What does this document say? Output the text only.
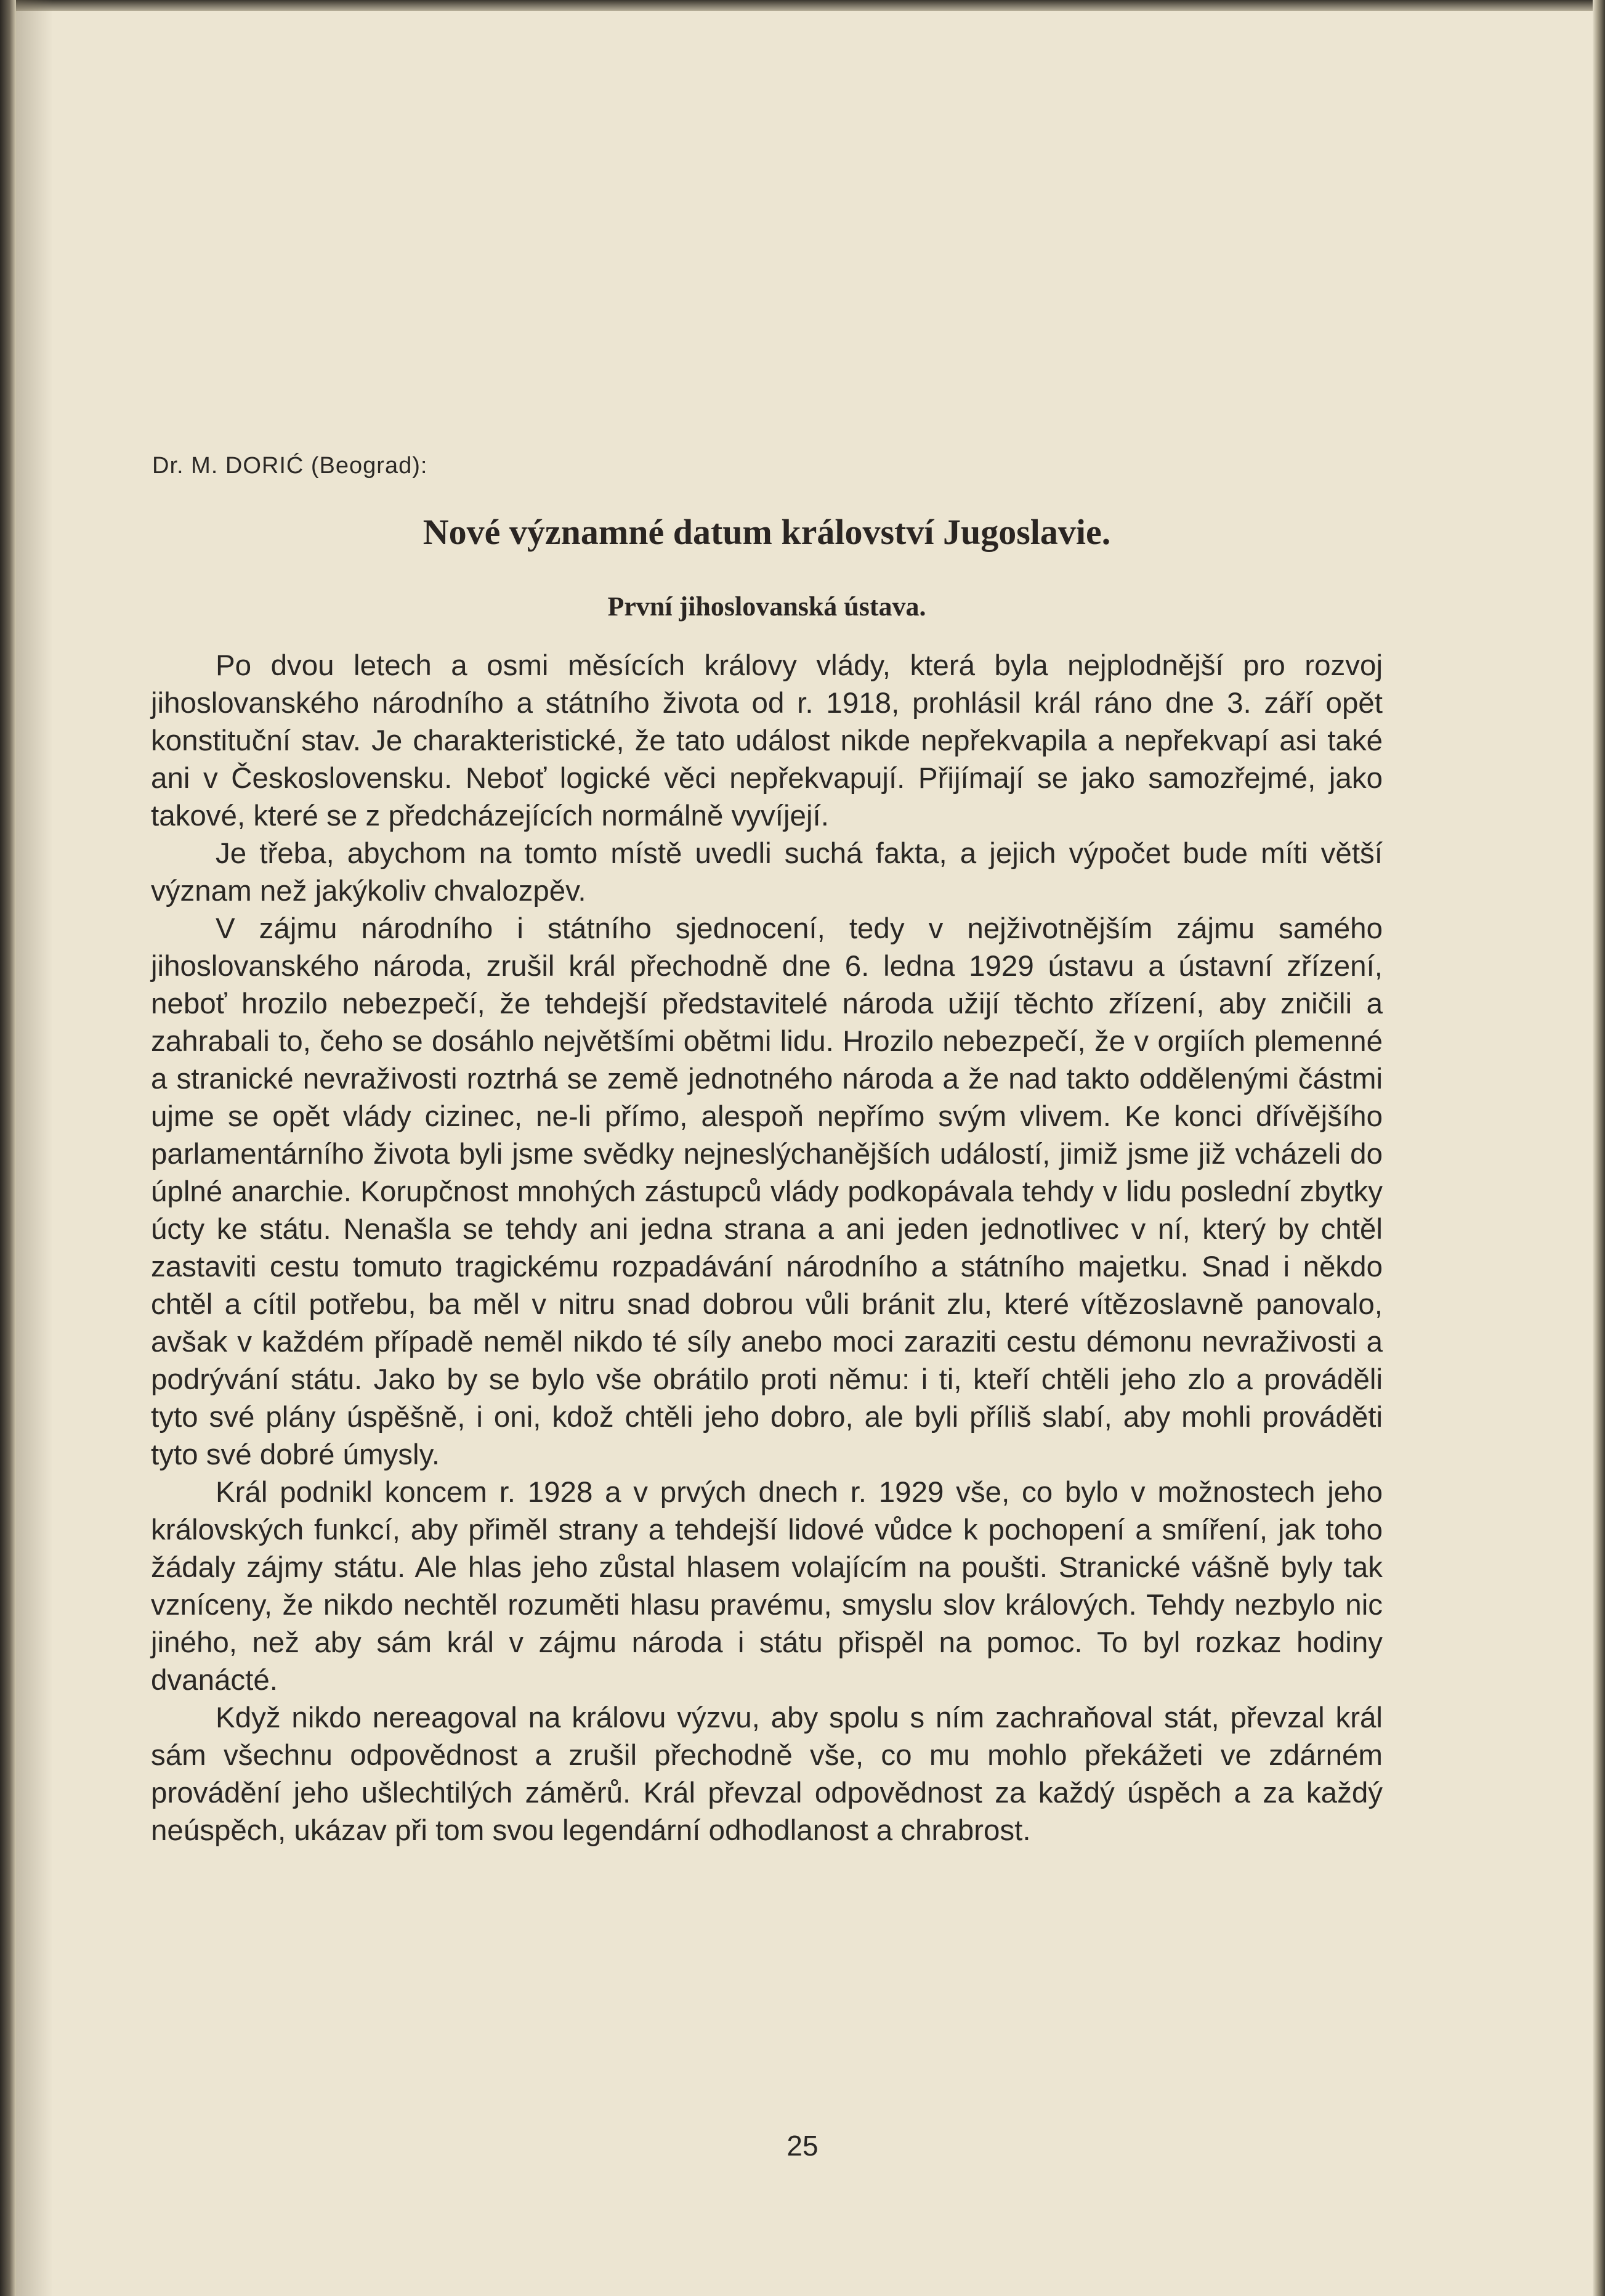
Dr. M. DORIĆ (Beograd):
Nové významné datum království Jugoslavie.
První jihoslovanská ústava.

Po dvou letech a osmi měsících královy vlády, která byla nejplodnější pro rozvoj jihoslovanského národního a státního života od r. 1918, prohlásil král ráno dne 3. září opět konstituční stav. Je charakteristické, že tato událost nikde nepřekvapila a nepřekvapí asi také ani v Československu. Neboť logické věci nepřekvapují. Přijímají se jako samozřejmé, jako takové, které se z předcházejících normálně vyvíjejí.

Je třeba, abychom na tomto místě uvedli suchá fakta, a jejich výpočet bude míti větší význam než jakýkoliv chvalozpěv.

V zájmu národního i státního sjednocení, tedy v nejživotnějším zájmu samého jihoslovanského národa, zrušil král přechodně dne 6. ledna 1929 ústavu a ústavní zřízení, neboť hrozilo nebezpečí, že tehdejší představitelé národa užijí těchto zřízení, aby zničili a zahrabali to, čeho se dosáhlo největšími obětmi lidu. Hrozilo nebezpečí, že v orgiích plemenné a stranické nevraživosti roztrhá se země jednotného národa a že nad takto oddělenými částmi ujme se opět vlády cizinec, ne-li přímo, alespoň nepřímo svým vlivem. Ke konci dřívějšího parlamentárního života byli jsme svědky nejneslýchanějších událostí, jimiž jsme již vcházeli do úplné anarchie. Korupčnost mnohých zástupců vlády podkopávala tehdy v lidu poslední zbytky úcty ke státu. Nenašla se tehdy ani jedna strana a ani jeden jednotlivec v ní, který by chtěl zastaviti cestu tomuto tragickému rozpadávání národního a státního majetku. Snad i někdo chtěl a cítil potřebu, ba měl v nitru snad dobrou vůli bránit zlu, které vítězoslavně panovalo, avšak v každém případě neměl nikdo té síly anebo moci zaraziti cestu démonu nevraživosti a podrývání státu. Jako by se bylo vše obrátilo proti němu: i ti, kteří chtěli jeho zlo a prováděli tyto své plány úspěšně, i oni, kdož chtěli jeho dobro, ale byli příliš slabí, aby mohli prováděti tyto své dobré úmysly.

Král podnikl koncem r. 1928 a v prvých dnech r. 1929 vše, co bylo v možnostech jeho královských funkcí, aby přiměl strany a tehdejší lidové vůdce k pochopení a smíření, jak toho žádaly zájmy státu. Ale hlas jeho zůstal hlasem volajícím na poušti. Stranické vášně byly tak vzníceny, že nikdo nechtěl rozuměti hlasu pravému, smyslu slov králových. Tehdy nezbylo nic jiného, než aby sám král v zájmu národa i státu přispěl na pomoc. To byl rozkaz hodiny dvanácté.

Když nikdo nereagoval na královu výzvu, aby spolu s ním zachraňoval stát, převzal král sám všechnu odpovědnost a zrušil přechodně vše, co mu mohlo překážeti ve zdárném provádění jeho ušlechtilých záměrů. Král převzal odpovědnost za každý úspěch a za každý neúspěch, ukázav při tom svou legendární odhodlanost a chrabrost.

25
